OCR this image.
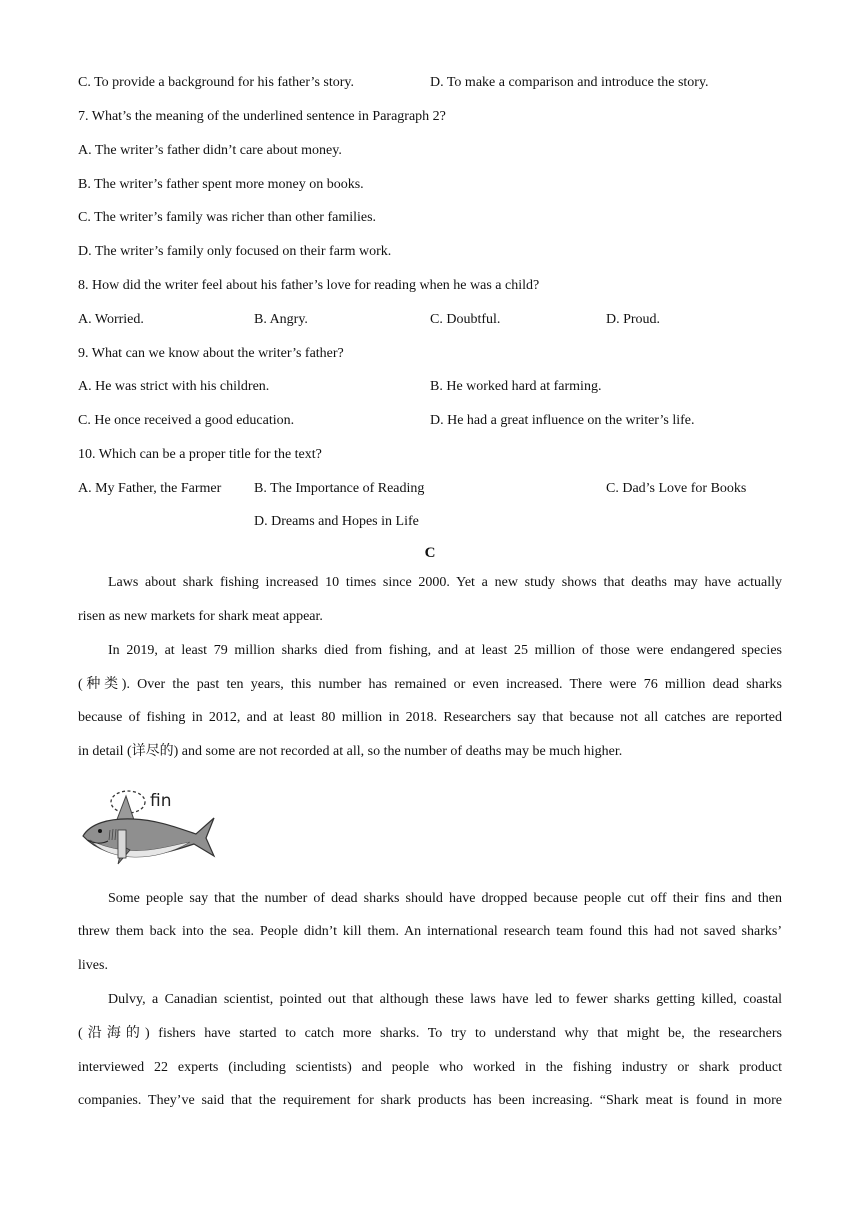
C. To provide a background for his father’s story.	D. To make a comparison and introduce the story.
7. What’s the meaning of the underlined sentence in Paragraph 2?
A. The writer’s father didn’t care about money.
B. The writer’s father spent more money on books.
C. The writer’s family was richer than other families.
D. The writer’s family only focused on their farm work.
8. How did the writer feel about his father’s love for reading when he was a child?
A. Worried.	B. Angry.	C. Doubtful.	D. Proud.
9. What can we know about the writer’s father?
A. He was strict with his children.	B. He worked hard at farming.
C. He once received a good education.	D. He had a great influence on the writer’s life.
10. Which can be a proper title for the text?
A. My Father, the Farmer B. The Importance of Reading	C. Dad’s Love for Books
D. Dreams and Hopes in Life
C
Laws about shark fishing increased 10 times since 2000. Yet a new study shows that deaths may have actually
risen as new markets for shark meat appear.
In 2019, at least 79 million sharks died from fishing, and at least 25 million of those were endangered species
(种类). Over the past ten years, this number has remained or even increased. There were 76 million dead sharks
because of fishing in 2012, and at least 80 million in 2018. Researchers say that because not all catches are reported
in detail (详尽的) and some are not recorded at all, so the number of deaths may be much higher.
fin
Some people say that the number of dead sharks should have dropped because people cut off their fins and then
threw them back into the sea. People didn’t kill them. An international research team found this had not saved sharks’
lives.
Dulvy, a Canadian scientist, pointed out that although these laws have led to fewer sharks getting killed, coastal
(沿海的) fishers have started to catch more sharks. To try to understand why that might be, the researchers
interviewed 22 experts (including scientists) and people who worked in the fishing industry or shark product
companies. They’ve said that the requirement for shark products has been increasing. “Shark meat is found in more
